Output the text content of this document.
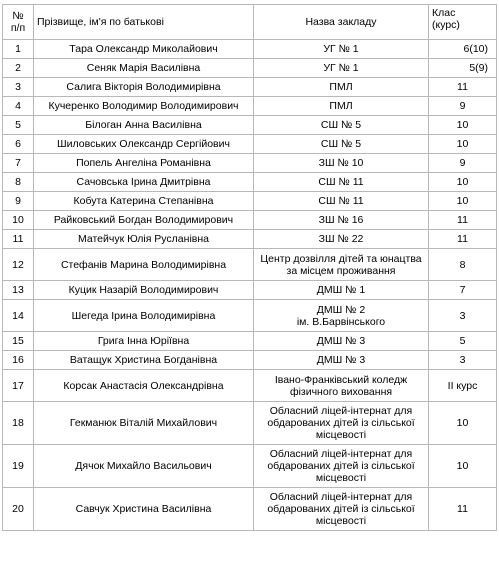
№
п/п	Прізвище, ім'я по батькові	Назва закладу	Клас
(курс)

1	Тара Олександр Миколайович	УГ № 1	6(10)
2	Сеняк Марія Василівна	УГ № 1	5(9)
3	Салига Вікторія Володимирівна	ПМЛ	11
4	Кучеренко Володимир Володимирович	ПМЛ	9
5	Білоган Анна Василівна	СШ № 5	10
6	Шиловських Олександр Сергійович	СШ № 5	10
7	Попель Ангеліна Романівна	ЗШ № 10	9
8	Сачовська Ірина Дмитрівна	СШ № 11	10
9	Кобута Катерина Степанівна	СШ № 11	10
10	Райковський Богдан Володимирович	ЗШ № 16	11
11	Матейчук Юлія Русланівна	ЗШ № 22	11
12	Стефанів Марина Володимирівна	Центр дозвілля дітей та юнацтва
за місцем проживання	8
13	Куцик Назарій Володимирович	ДМШ № 1	7
14	Шегеда Ірина Володимирівна	ДМШ № 2
ім. В.Барвінського	3
15	Грига Інна Юріївна	ДМШ № 3	5
16	Ватащук Христина Богданівна	ДМШ № 3	3
17	Корсак Анастасія Олександрівна	Івано-Франківський коледж
фізичного виховання	ІІ курс
18	Гекманюк Віталій Михайлович	Обласний ліцей-інтернат для
обдарованих дітей із сільської
місцевості	10
19	Дячок Михайло Васильович	Обласний ліцей-інтернат для
обдарованих дітей із сільської
місцевості	10
20	Савчук Христина Василівна	Обласний ліцей-інтернат для
обдарованих дітей із сільської
місцевості	11
